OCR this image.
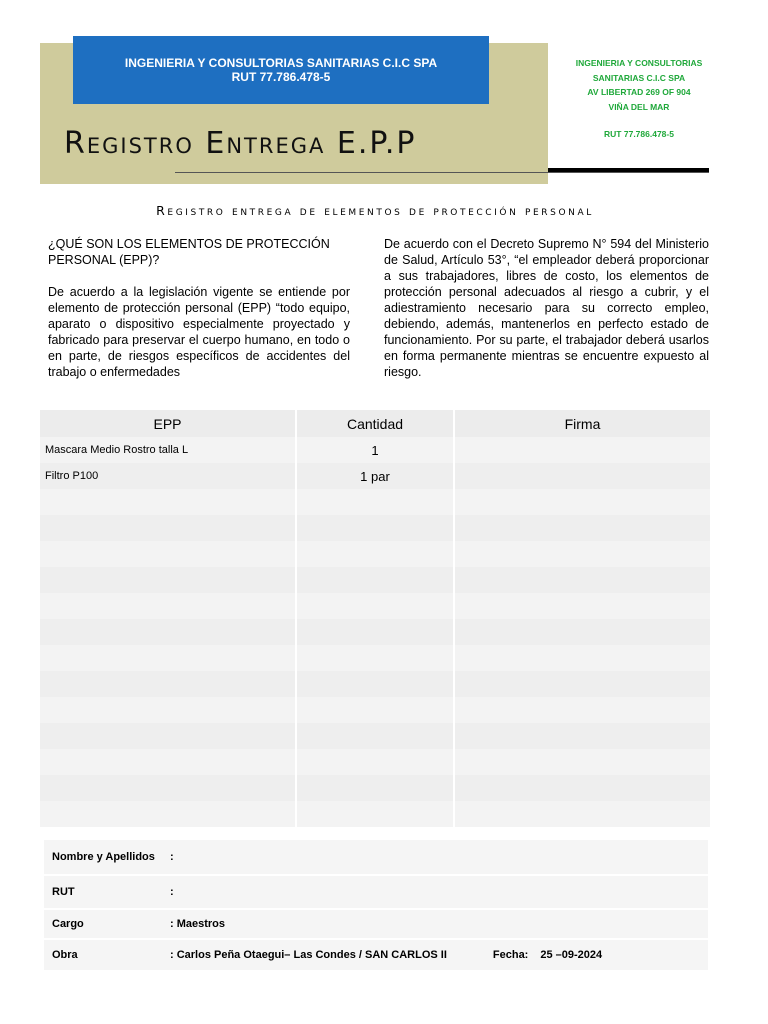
INGENIERIA Y CONSULTORIAS SANITARIAS C.I.C SPA
RUT 77.786.478-5
Registro Entrega E.P.P
INGENIERIA Y CONSULTORIAS
SANITARIAS C.I.C SPA
AV LIBERTAD 269 OF 904
VIÑA DEL MAR
RUT 77.786.478-5
Registro entrega de elementos de protección personal
¿QUÉ SON LOS ELEMENTOS DE PROTECCIÓN PERSONAL (EPP)?

De acuerdo a la legislación vigente se entiende por elemento de protección personal (EPP) “todo equipo, aparato o dispositivo especialmente proyectado y fabricado para preservar el cuerpo humano, en todo o en parte, de riesgos específicos de accidentes del trabajo o enfermedades

De acuerdo con el Decreto Supremo N° 594 del Ministerio de Salud, Artículo 53°, “el empleador deberá proporcionar a sus trabajadores, libres de costo, los elementos de protección personal adecuados al riesgo a cubrir, y el adiestramiento necesario para su correcto empleo, debiendo, además, mantenerlos en perfecto estado de funcionamiento. Por su parte, el trabajador deberá usarlos en forma permanente mientras se encuentre expuesto al riesgo.

EPP	Cantidad	Firma
Mascara Medio Rostro talla L	1	
Filtro P100	1 par	

Nombre y Apellidos	:
RUT	:
Cargo	: Maestros
Obra	: Carlos Peña Otaegui– Las Condes / SAN CARLOS II	Fecha: 25 –09-2024
